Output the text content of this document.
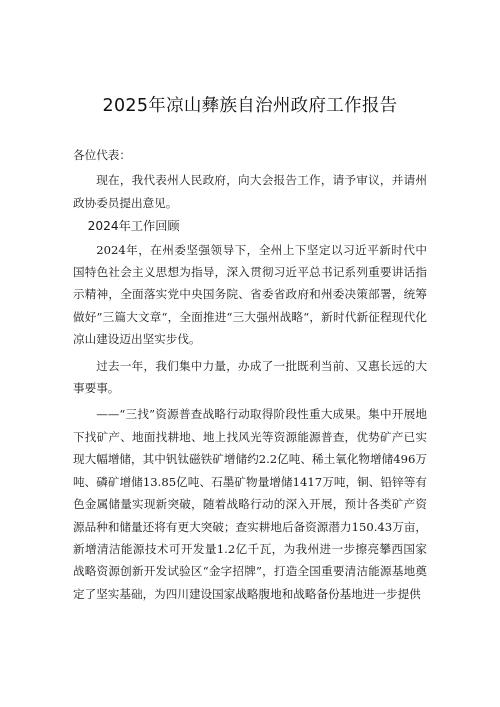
2025年凉山彝族自治州政府工作报告

各位代表：

现在，我代表州人民政府，向大会报告工作，请予审议，并请州政协委员提出意见。

2024年工作回顾

2024年，在州委坚强领导下，全州上下坚定以习近平新时代中国特色社会主义思想为指导，深入贯彻习近平总书记系列重要讲话指示精神，全面落实党中央国务院、省委省政府和州委决策部署，统筹做好”三篇大文章“，全面推进“三大强州战略“，新时代新征程现代化凉山建设迈出坚实步伐。

过去一年，我们集中力量，办成了一批既利当前、又惠长远的大事要事。

——“三找”资源普查战略行动取得阶段性重大成果。集中开展地下找矿产、地面找耕地、地上找风光等资源能源普查，优势矿产已实现大幅增储，其中钒钛磁铁矿增储约2.2亿吨、稀土氧化物增储496万吨、磷矿增储13.85亿吨、石墨矿物量增储1417万吨，铜、铅锌等有色金属储量实现新突破，随着战略行动的深入开展，预计各类矿产资源品种和储量还将有更大突破；查实耕地后备资源潜力150.43万亩，新增清洁能源技术可开发量1.2亿千瓦，为我州进一步擦亮攀西国家战略资源创新开发试验区“金字招牌”，打造全国重要清洁能源基地奠定了坚实基础，为四川建设国家战略腹地和战略备份基地进一步提供
